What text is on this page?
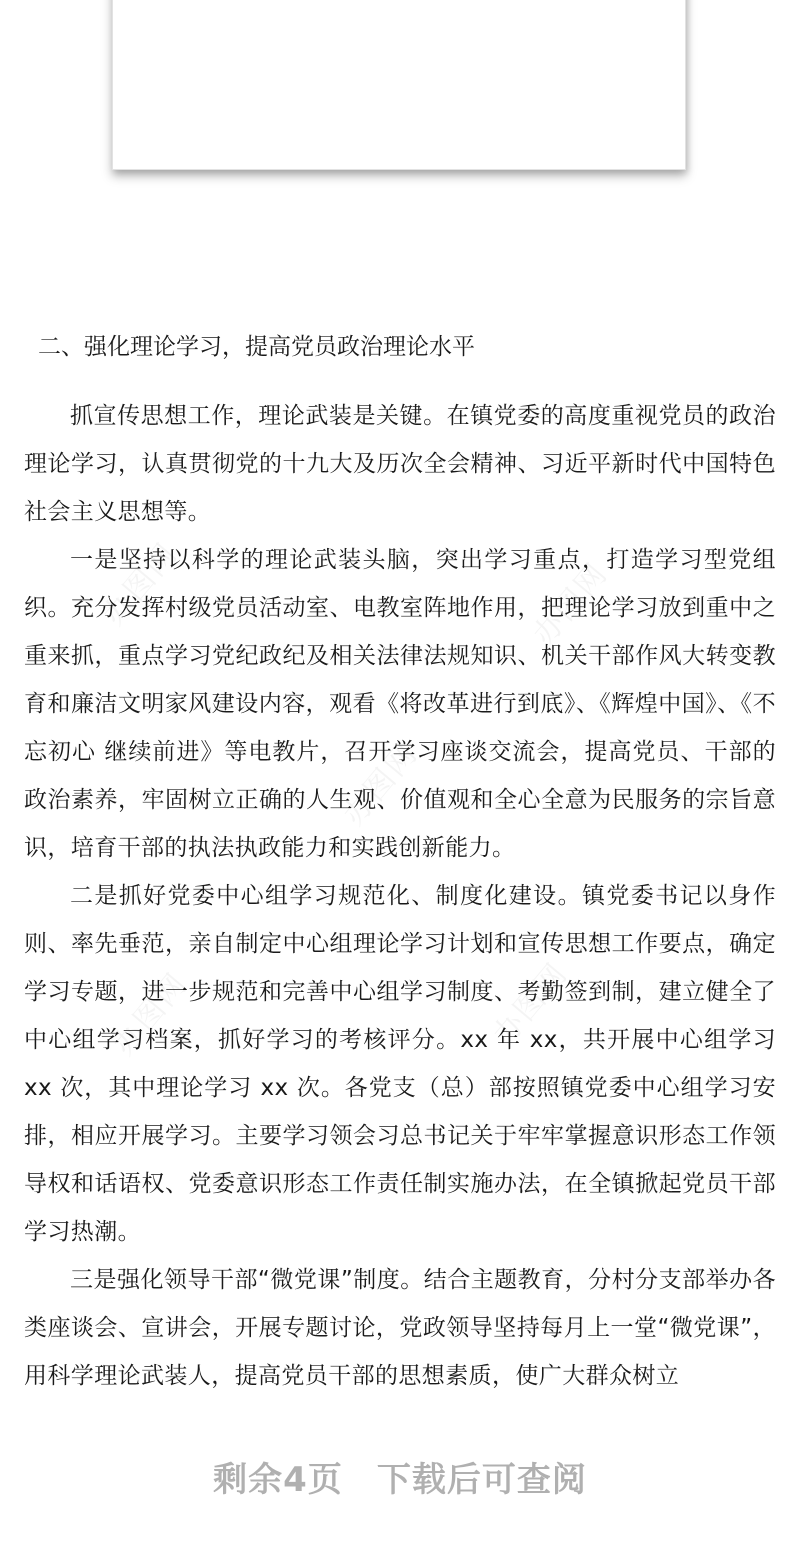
办图网	办图网
办图网
办图网	办图网
二、强化理论学习，提高党员政治理论水平

抓宣传思想工作，理论武装是关键。在镇党委的高度重视党员的政治理论学习，认真贯彻党的十九大及历次全会精神、习近平新时代中国特色社会主义思想等。

一是坚持以科学的理论武装头脑，突出学习重点，打造学习型党组织。充分发挥村级党员活动室、电教室阵地作用，把理论学习放到重中之重来抓，重点学习党纪政纪及相关法律法规知识、机关干部作风大转变教育和廉洁文明家风建设内容，观看《将改革进行到底》、《辉煌中国》、《不忘初心 继续前进》等电教片，召开学习座谈交流会，提高党员、干部的政治素养，牢固树立正确的人生观、价值观和全心全意为民服务的宗旨意识，培育干部的执法执政能力和实践创新能力。

二是抓好党委中心组学习规范化、制度化建设。镇党委书记以身作则、率先垂范，亲自制定中心组理论学习计划和宣传思想工作要点，确定学习专题，进一步规范和完善中心组学习制度、考勤签到制，建立健全了中心组学习档案，抓好学习的考核评分。xx 年 xx，共开展中心组学习 xx 次，其中理论学习 xx 次。各党支（总）部按照镇党委中心组学习安排，相应开展学习。主要学习领会习总书记关于牢牢掌握意识形态工作领导权和话语权、党委意识形态工作责任制实施办法，在全镇掀起党员干部学习热潮。

三是强化领导干部“微党课”制度。结合主题教育，分村分支部举办各类座谈会、宣讲会，开展专题讨论，党政领导坚持每月上一堂“微党课”，用科学理论武装人，提高党员干部的思想素质，使广大群众树立

剩余4页 下载后可查阅
